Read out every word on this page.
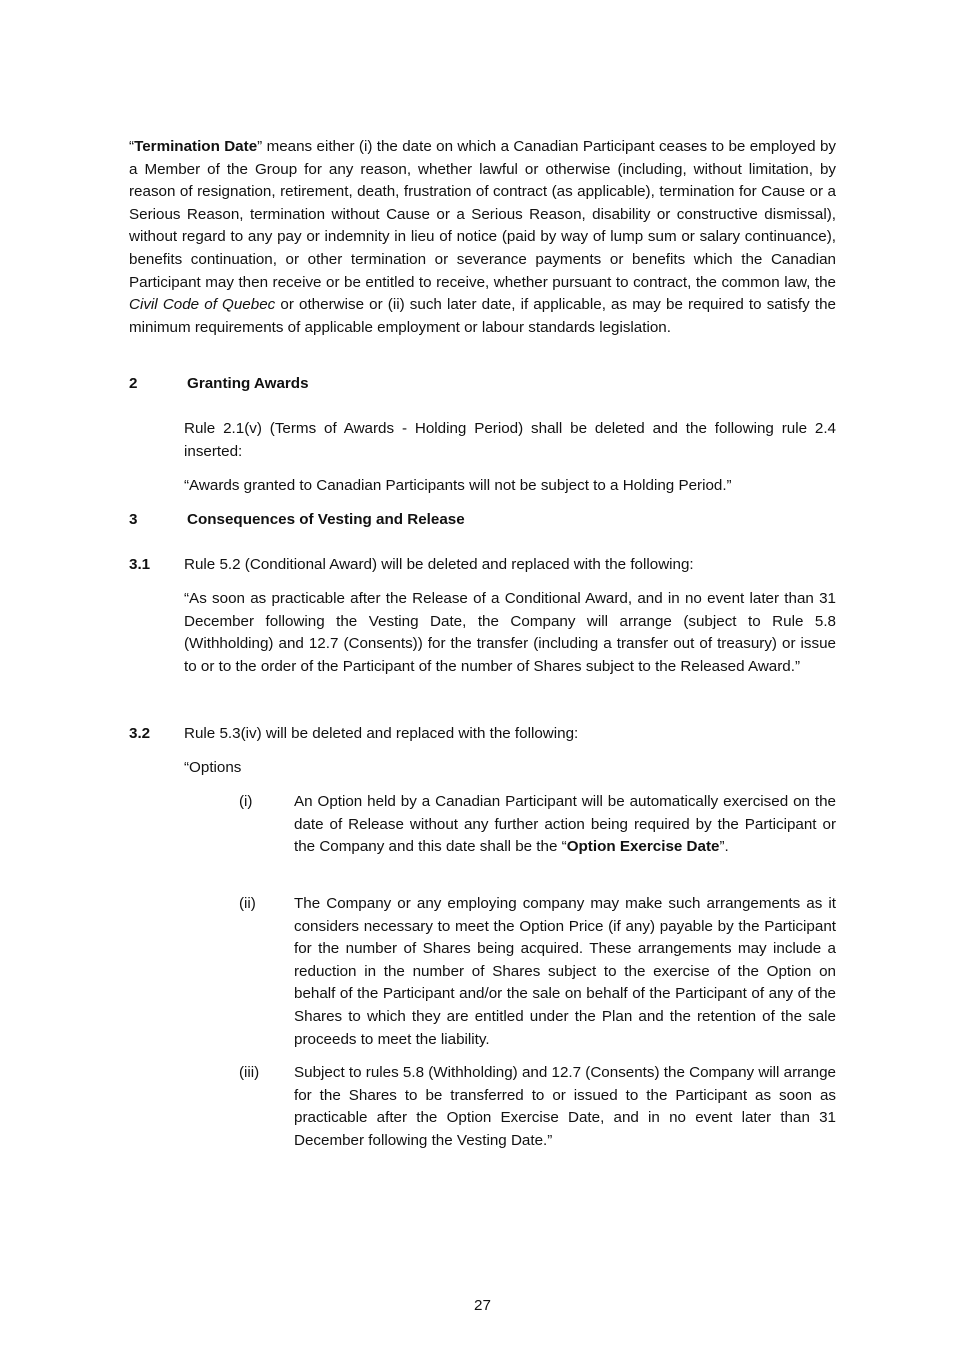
“Termination Date” means either (i) the date on which a Canadian Participant ceases to be employed by a Member of the Group for any reason, whether lawful or otherwise (including, without limitation, by reason of resignation, retirement, death, frustration of contract (as applicable), termination for Cause or a Serious Reason, termination without Cause or a Serious Reason, disability or constructive dismissal), without regard to any pay or indemnity in lieu of notice (paid by way of lump sum or salary continuance), benefits continuation, or other termination or severance payments or benefits which the Canadian Participant may then receive or be entitled to receive, whether pursuant to contract, the common law, the Civil Code of Quebec or otherwise or (ii) such later date, if applicable, as may be required to satisfy the minimum requirements of applicable employment or labour standards legislation.

2	Granting Awards

Rule 2.1(v) (Terms of Awards - Holding Period) shall be deleted and the following rule 2.4 inserted:

“Awards granted to Canadian Participants will not be subject to a Holding Period.”

3	Consequences of Vesting and Release
3.1 Rule 5.2 (Conditional Award) will be deleted and replaced with the following:

“As soon as practicable after the Release of a Conditional Award, and in no event later than 31 December following the Vesting Date, the Company will arrange (subject to Rule 5.8 (Withholding) and 12.7 (Consents)) for the transfer (including a transfer out of treasury) or issue to or to the order of the Participant of the number of Shares subject to the Released Award.”

3.2 Rule 5.3(iv) will be deleted and replaced with the following:
“Options
(i)	An Option held by a Canadian Participant will be automatically exercised on the date of Release without any further action being required by the Participant or the Company and this date shall be the “Option Exercise Date”.

(ii)	The Company or any employing company may make such arrangements as it considers necessary to meet the Option Price (if any) payable by the Participant for the number of Shares being acquired. These arrangements may include a reduction in the number of Shares subject to the exercise of the Option on behalf of the Participant and/or the sale on behalf of the Participant of any of the Shares to which they are entitled under the Plan and the retention of the sale proceeds to meet the liability.

(iii) Subject to rules 5.8 (Withholding) and 12.7 (Consents) the Company will arrange for the Shares to be transferred to or issued to the Participant as soon as practicable after the Option Exercise Date, and in no event later than 31 December following the Vesting Date.”

27
